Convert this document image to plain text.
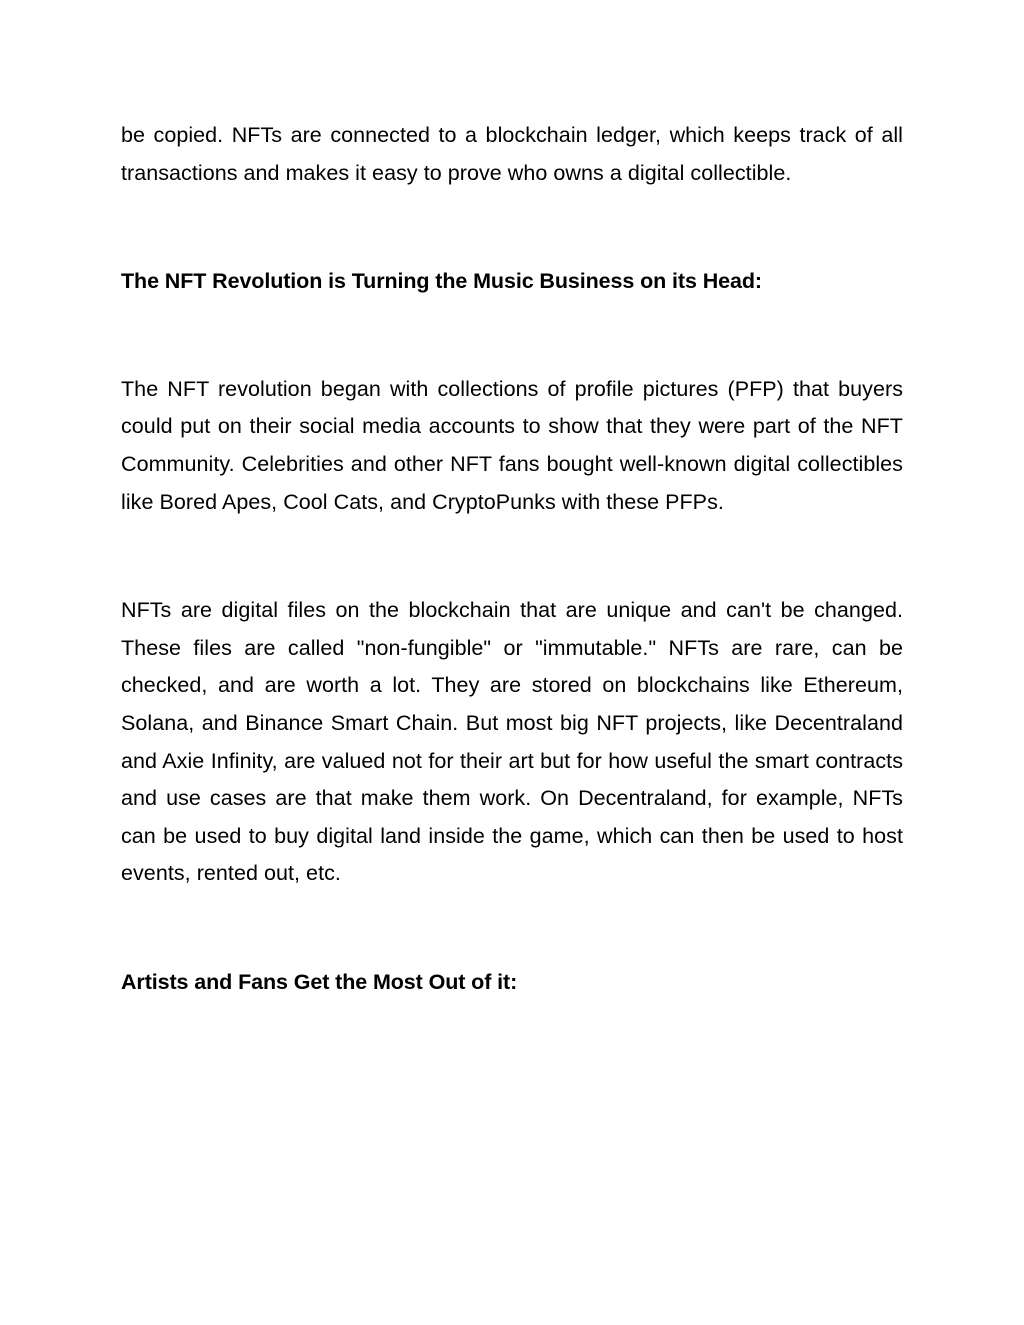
be copied. NFTs are connected to a blockchain ledger, which keeps track of all transactions and makes it easy to prove who owns a digital collectible.

The NFT Revolution is Turning the Music Business on its Head:

The NFT revolution began with collections of profile pictures (PFP) that buyers could put on their social media accounts to show that they were part of the NFT Community. Celebrities and other NFT fans bought well-known digital collectibles like Bored Apes, Cool Cats, and CryptoPunks with these PFPs.

NFTs are digital files on the blockchain that are unique and can't be changed. These files are called "non-fungible" or "immutable." NFTs are rare, can be checked, and are worth a lot. They are stored on blockchains like Ethereum, Solana, and Binance Smart Chain. But most big NFT projects, like Decentraland and Axie Infinity, are valued not for their art but for how useful the smart contracts and use cases are that make them work. On Decentraland, for example, NFTs can be used to buy digital land inside the game, which can then be used to host events, rented out, etc.

Artists and Fans Get the Most Out of it:
